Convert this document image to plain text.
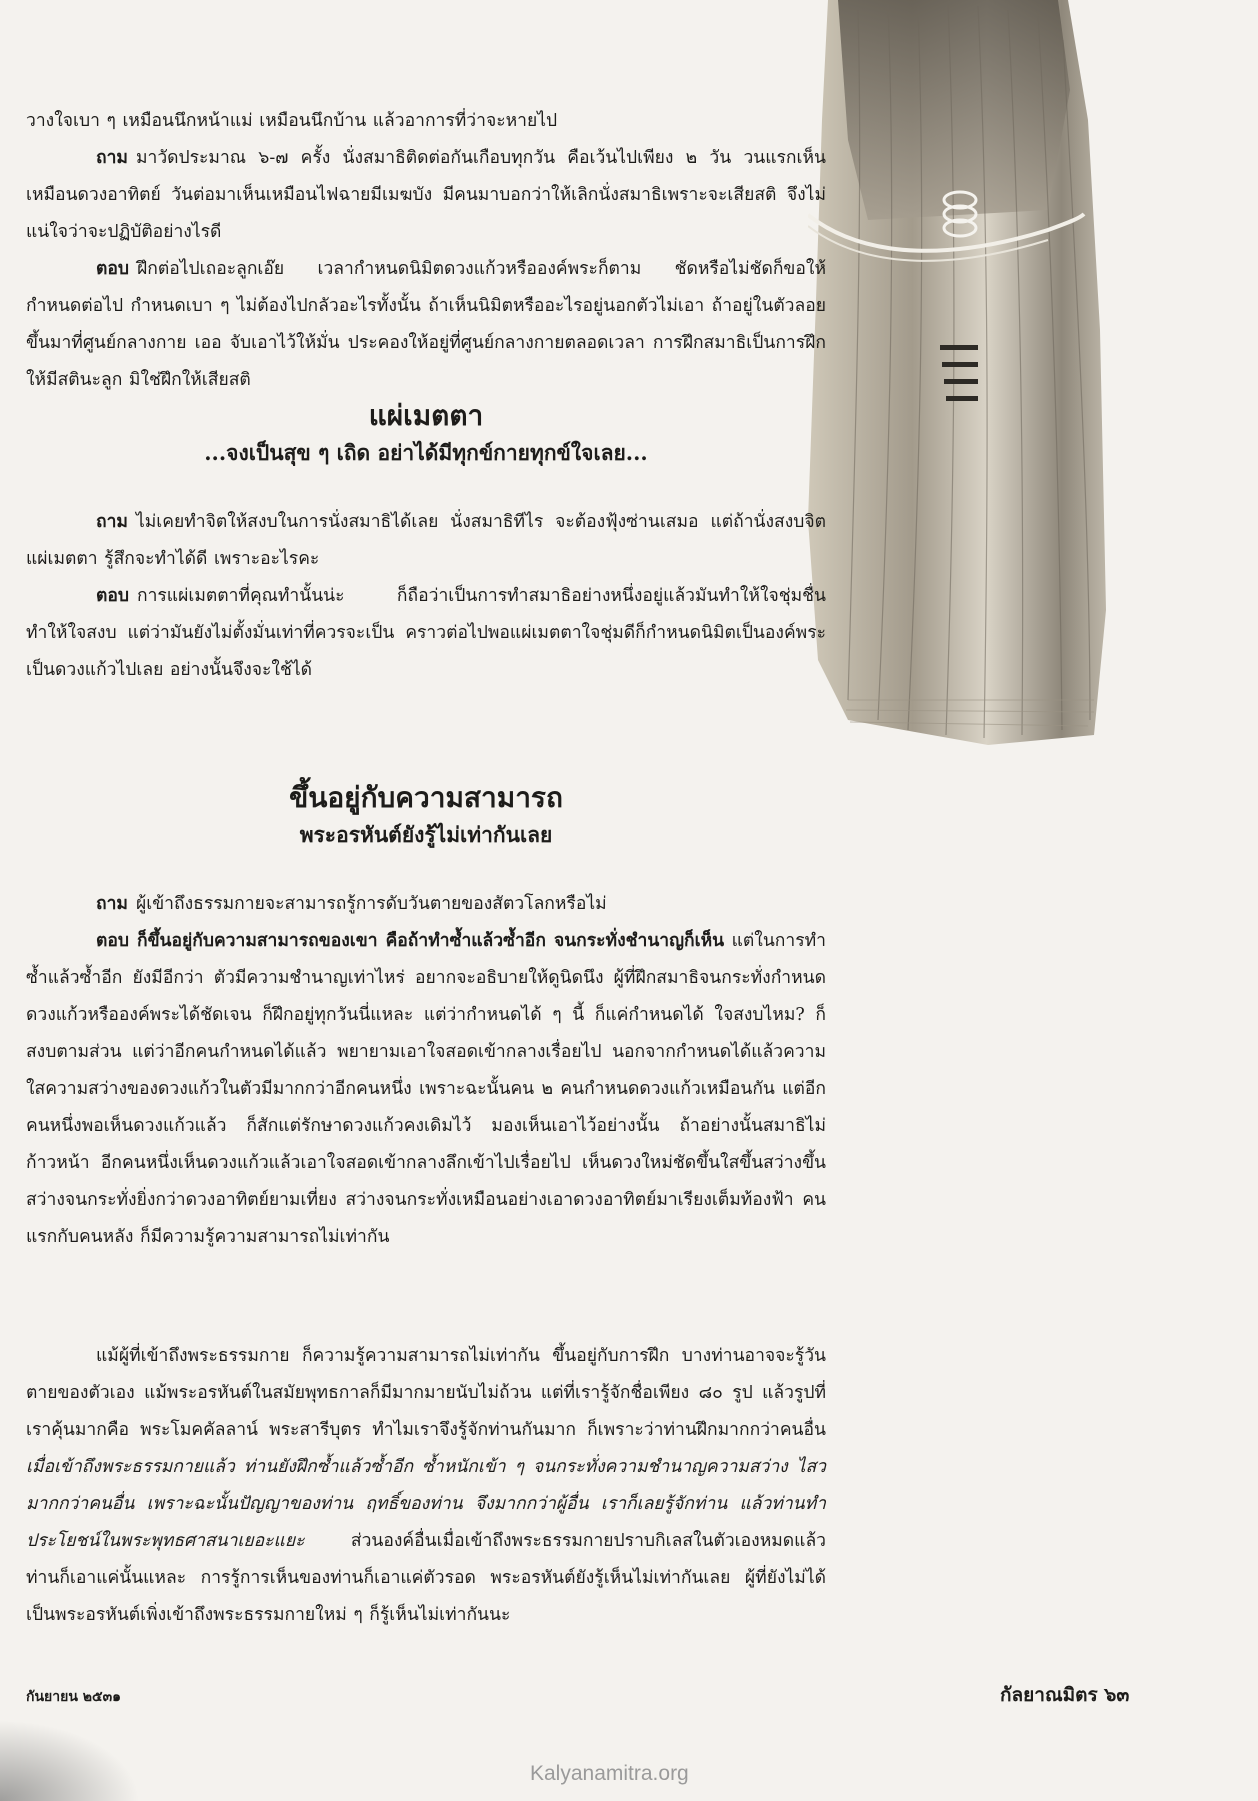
วางใจเบา ๆ เหมือนนึกหน้าแม่ เหมือนนึกบ้าน แล้วอาการที่ว่าจะหายไป

ถาม มาวัดประมาณ ๖-๗ ครั้ง นั่งสมาธิติดต่อกันเกือบทุกวัน คือเว้นไปเพียง ๒ วัน วนแรกเห็นเหมือนดวงอาทิตย์ วันต่อมาเห็นเหมือนไฟฉายมีเมฆบัง มีคนมาบอกว่าให้เลิกนั่งสมาธิเพราะจะเสียสติ จึงไม่แน่ใจว่าจะปฏิบัติอย่างไรดี

ตอบ ฝึกต่อไปเถอะลูกเอ๊ย เวลากำหนดนิมิตดวงแก้วหรือองค์พระก็ตาม ชัดหรือไม่ชัดก็ขอให้กำหนดต่อไป กำหนดเบา ๆ ไม่ต้องไปกลัวอะไรทั้งนั้น ถ้าเห็นนิมิตหรืออะไรอยู่นอกตัวไม่เอา ถ้าอยู่ในตัวลอยขึ้นมาที่ศูนย์กลางกาย เออ จับเอาไว้ให้มั่น ประคองให้อยู่ที่ศูนย์กลางกายตลอดเวลา การฝึกสมาธิเป็นการฝึกให้มีสตินะลูก มิใช่ฝึกให้เสียสติ

แผ่เมตตา

...จงเป็นสุข ๆ เถิด อย่าได้มีทุกข์กายทุกข์ใจเลย...

ถาม ไม่เคยทำจิตให้สงบในการนั่งสมาธิได้เลย นั่งสมาธิทีไร จะต้องฟุ้งซ่านเสมอ แต่ถ้านั่งสงบจิตแผ่เมตตา รู้สึกจะทำได้ดี เพราะอะไรคะ

ตอบ การแผ่เมตตาที่คุณทำนั้นน่ะ ก็ถือว่าเป็นการทำสมาธิอย่างหนึ่งอยู่แล้วมันทำให้ใจชุ่มชื่น ทำให้ใจสงบ แต่ว่ามันยังไม่ตั้งมั่นเท่าที่ควรจะเป็น คราวต่อไปพอแผ่เมตตาใจชุ่มดีก็กำหนดนิมิตเป็นองค์พระเป็นดวงแก้วไปเลย อย่างนั้นจึงจะใช้ได้

ขึ้นอยู่กับความสามารถ

พระอรหันต์ยังรู้ไม่เท่ากันเลย

ถาม ผู้เข้าถึงธรรมกายจะสามารถรู้การดับวันตายของสัตวโลกหรือไม่

ตอบ ก็ขึ้นอยู่กับความสามารถของเขา คือถ้าทำซ้ำแล้วซ้ำอีก จนกระทั่งชำนาญก็เห็น แต่ในการทำซ้ำแล้วซ้ำอีก ยังมีอีกว่า ตัวมีความชำนาญเท่าไหร่ อยากจะอธิบายให้ดูนิดนึง ผู้ที่ฝึกสมาธิจนกระทั่งกำหนดดวงแก้วหรือองค์พระได้ชัดเจน ก็ฝึกอยู่ทุกวันนี่แหละ แต่ว่ากำหนดได้ ๆ นี้ ก็แค่กำหนดได้ ใจสงบไหม? ก็สงบตามส่วน แต่ว่าอีกคนกำหนดได้แล้ว พยายามเอาใจสอดเข้ากลางเรื่อยไป นอกจากกำหนดได้แล้วความใสความสว่างของดวงแก้วในตัวมีมากกว่าอีกคนหนึ่ง เพราะฉะนั้นคน ๒ คนกำหนดดวงแก้วเหมือนกัน แต่อีกคนหนึ่งพอเห็นดวงแก้วแล้ว ก็สักแต่รักษาดวงแก้วคงเดิมไว้ มองเห็นเอาไว้อย่างนั้น ถ้าอย่างนั้นสมาธิไม่ก้าวหน้า อีกคนหนึ่งเห็นดวงแก้วแล้วเอาใจสอดเข้ากลางลึกเข้าไปเรื่อยไป เห็นดวงใหม่ชัดขึ้นใสขึ้นสว่างขึ้น สว่างจนกระทั่งยิ่งกว่าดวงอาทิตย์ยามเที่ยง สว่างจนกระทั่งเหมือนอย่างเอาดวงอาทิตย์มาเรียงเต็มท้องฟ้า คนแรกกับคนหลัง ก็มีความรู้ความสามารถไม่เท่ากัน

แม้ผู้ที่เข้าถึงพระธรรมกาย ก็ความรู้ความสามารถไม่เท่ากัน ขึ้นอยู่กับการฝึก บางท่านอาจจะรู้วันตายของตัวเอง แม้พระอรหันต์ในสมัยพุทธกาลก็มีมากมายนับไม่ถ้วน แต่ที่เรารู้จักชื่อเพียง ๘๐ รูป แล้วรูปที่เราคุ้นมากคือ พระโมคคัลลาน์ พระสารีบุตร ทำไมเราจึงรู้จักท่านกันมาก ก็เพราะว่าท่านฝึกมากกว่าคนอื่น เมื่อเข้าถึงพระธรรมกายแล้ว ท่านยังฝึกซ้ำแล้วซ้ำอีก ซ้ำหนักเข้า ๆ จนกระทั่งความชำนาญความสว่าง ไสวมากกว่าคนอื่น เพราะฉะนั้นปัญญาของท่าน ฤทธิ์ของท่าน จึงมากกว่าผู้อื่น เราก็เลยรู้จักท่าน แล้วท่านทำประโยชน์ในพระพุทธศาสนาเยอะแยะ	ส่วนองค์อื่นเมื่อเข้าถึงพระธรรมกายปราบกิเลสในตัวเองหมดแล้ว ท่านก็เอาแค่นั้นแหละ การรู้การเห็นของท่านก็เอาแค่ตัวรอด พระอรหันต์ยังรู้เห็นไม่เท่ากันเลย ผู้ที่ยังไม่ได้เป็นพระอรหันต์เพิ่งเข้าถึงพระธรรมกายใหม่ ๆ ก็รู้เห็นไม่เท่ากันนะ

กันยายน ๒๕๓๑	กัลยาณมิตร ๖๓
Kalyanamitra.org
